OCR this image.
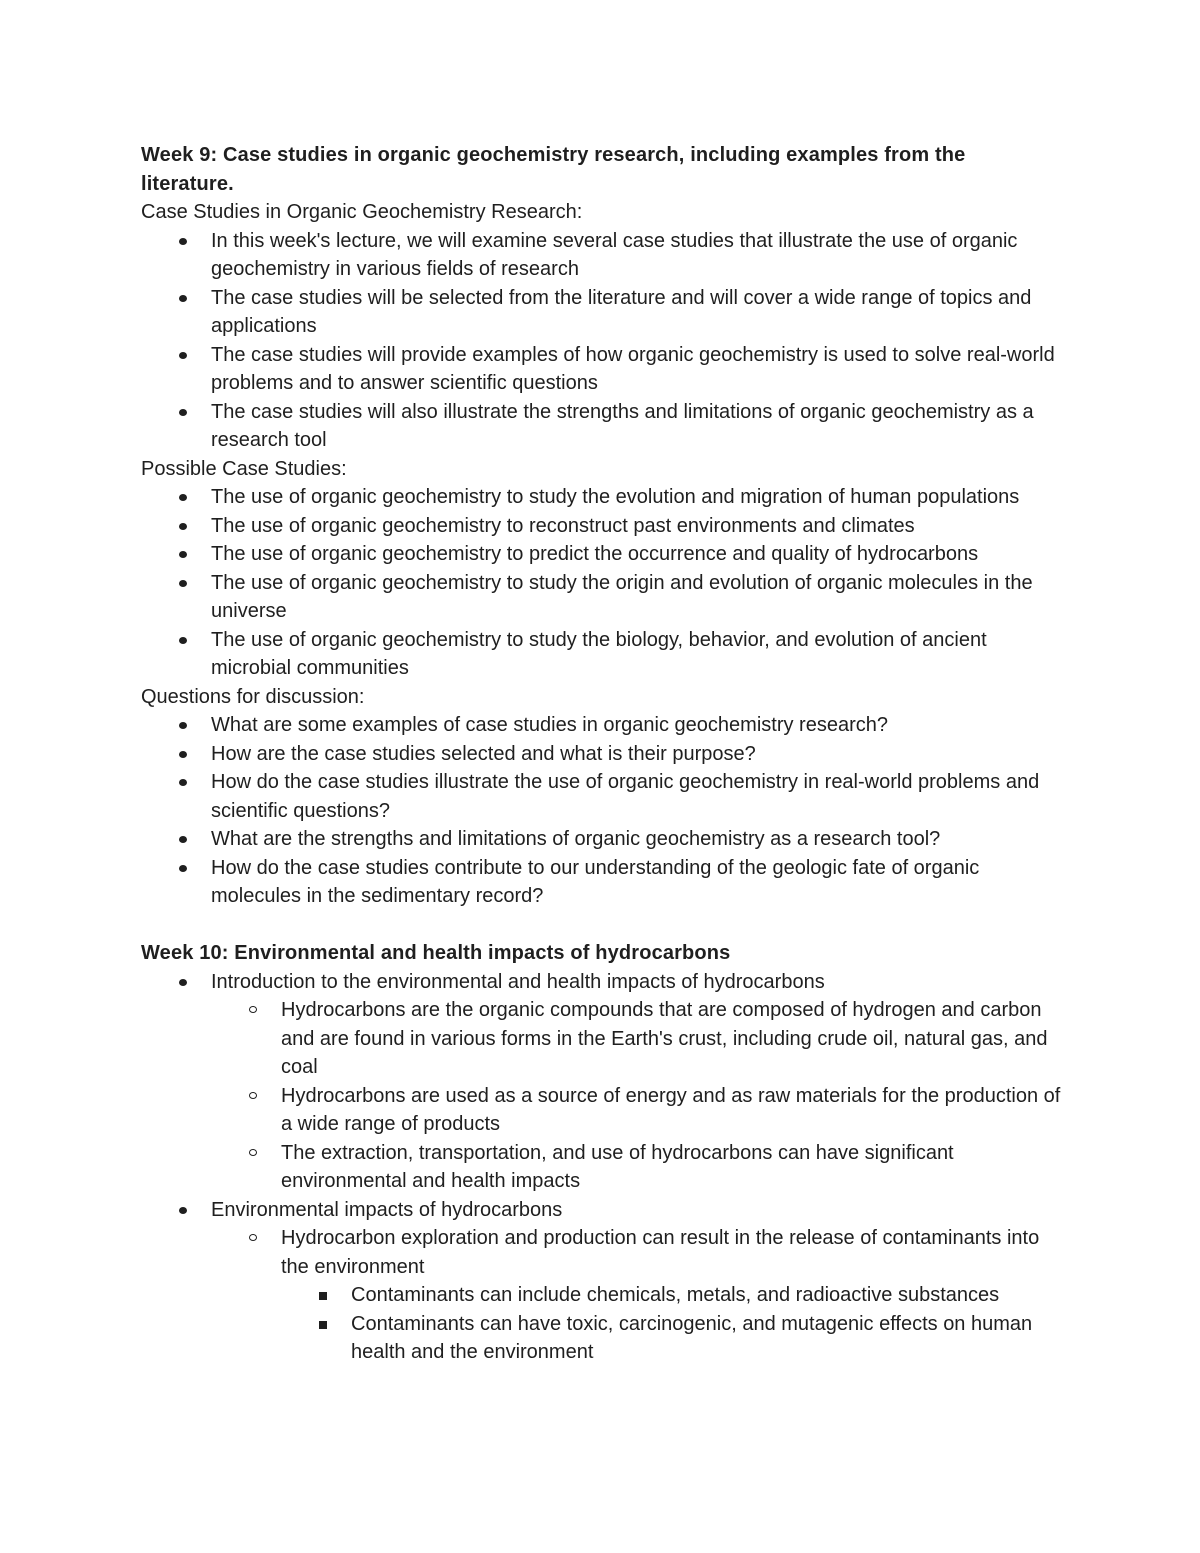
Week 9: Case studies in organic geochemistry research, including examples from the literature.

Case Studies in Organic Geochemistry Research:

In this week's lecture, we will examine several case studies that illustrate the use of organic geochemistry in various fields of research
The case studies will be selected from the literature and will cover a wide range of topics and applications
The case studies will provide examples of how organic geochemistry is used to solve real-world problems and to answer scientific questions
The case studies will also illustrate the strengths and limitations of organic geochemistry as a research tool

Possible Case Studies:

The use of organic geochemistry to study the evolution and migration of human populations
The use of organic geochemistry to reconstruct past environments and climates
The use of organic geochemistry to predict the occurrence and quality of hydrocarbons
The use of organic geochemistry to study the origin and evolution of organic molecules in the universe
The use of organic geochemistry to study the biology, behavior, and evolution of ancient microbial communities

Questions for discussion:

What are some examples of case studies in organic geochemistry research?
How are the case studies selected and what is their purpose?
How do the case studies illustrate the use of organic geochemistry in real-world problems and scientific questions?
What are the strengths and limitations of organic geochemistry as a research tool?
How do the case studies contribute to our understanding of the geologic fate of organic molecules in the sedimentary record?

Week 10: Environmental and health impacts of hydrocarbons

Introduction to the environmental and health impacts of hydrocarbons
Hydrocarbons are the organic compounds that are composed of hydrogen and carbon and are found in various forms in the Earth's crust, including crude oil, natural gas, and coal
Hydrocarbons are used as a source of energy and as raw materials for the production of a wide range of products
The extraction, transportation, and use of hydrocarbons can have significant environmental and health impacts
Environmental impacts of hydrocarbons
Hydrocarbon exploration and production can result in the release of contaminants into the environment
Contaminants can include chemicals, metals, and radioactive substances
Contaminants can have toxic, carcinogenic, and mutagenic effects on human health and the environment
